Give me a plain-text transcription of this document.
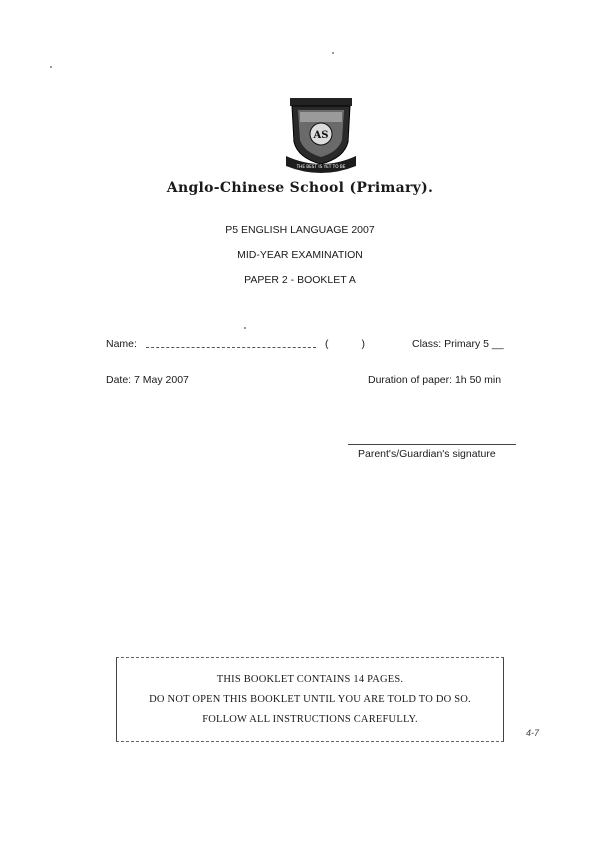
AS
THE BEST IS YET TO BE
Anglo-Chinese School (Primary).
P5 ENGLISH LANGUAGE 2007
MID-YEAR EXAMINATION
PAPER 2 - BOOKLET A
Name:	(	)	Class: Primary 5 __
Date: 7 May 2007	Duration of paper: 1h 50 min
Parent's/Guardian's signature
THIS BOOKLET CONTAINS 14 PAGES.
DO NOT OPEN THIS BOOKLET UNTIL YOU ARE TOLD TO DO SO.
FOLLOW ALL INSTRUCTIONS CAREFULLY.
4-7
